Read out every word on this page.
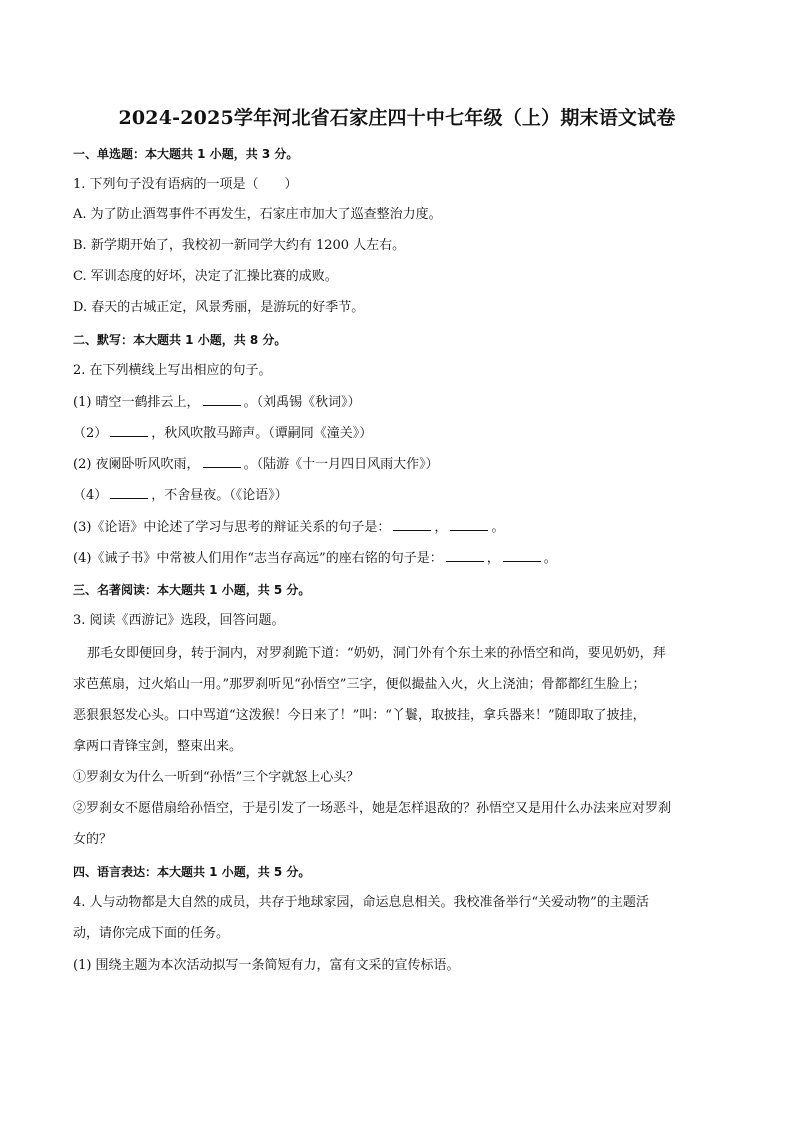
2024-2025学年河北省石家庄四十中七年级（上）期末语文试卷
一、单选题：本大题共 1 小题，共 3 分。
1. 下列句子没有语病的一项是（　　）
A. 为了防止酒驾事件不再发生，石家庄市加大了巡查整治力度。
B. 新学期开始了，我校初一新同学大约有 1200 人左右。
C. 军训态度的好坏，决定了汇操比赛的成败。
D. 春天的古城正定，风景秀丽，是游玩的好季节。
二、默写：本大题共 1 小题，共 8 分。
2. 在下列横线上写出相应的句子。
(1) 晴空一鹤排云上，	。（刘禹锡《秋词》）
（2）	，秋风吹散马蹄声。（谭嗣同《潼关》）
(2) 夜阑卧听风吹雨，	。（陆游《十一月四日风雨大作》）
（4）	，不舍昼夜。（《论语》）
(3)《论语》中论述了学习与思考的辩证关系的句子是：	，	。
(4)《诫子书》中常被人们用作“志当存高远”的座右铭的句子是：	，	。
三、名著阅读：本大题共 1 小题，共 5 分。
3. 阅读《西游记》选段，回答问题。
那毛女即便回身，转于洞内，对罗刹跪下道：“奶奶，洞门外有个东土来的孙悟空和尚，要见奶奶，拜
求芭蕉扇，过火焰山一用。”那罗刹听见“孙悟空”三字，便似撮盐入火，火上浇油；骨都都红生脸上；
恶狠狠怒发心头。口中骂道“这泼猴！今日来了！”叫：“丫鬟，取披挂，拿兵器来！”随即取了披挂，
拿两口青锋宝剑，整束出来。
①罗刹女为什么一听到“孙悟”三个字就怒上心头？
②罗刹女不愿借扇给孙悟空，于是引发了一场恶斗，她是怎样退敌的？孙悟空又是用什么办法来应对罗刹
女的？
四、语言表达：本大题共 1 小题，共 5 分。
4. 人与动物都是大自然的成员，共存于地球家园，命运息息相关。我校准备举行“关爱动物”的主题活
动，请你完成下面的任务。
(1) 围绕主题为本次活动拟写一条简短有力，富有文采的宣传标语。
